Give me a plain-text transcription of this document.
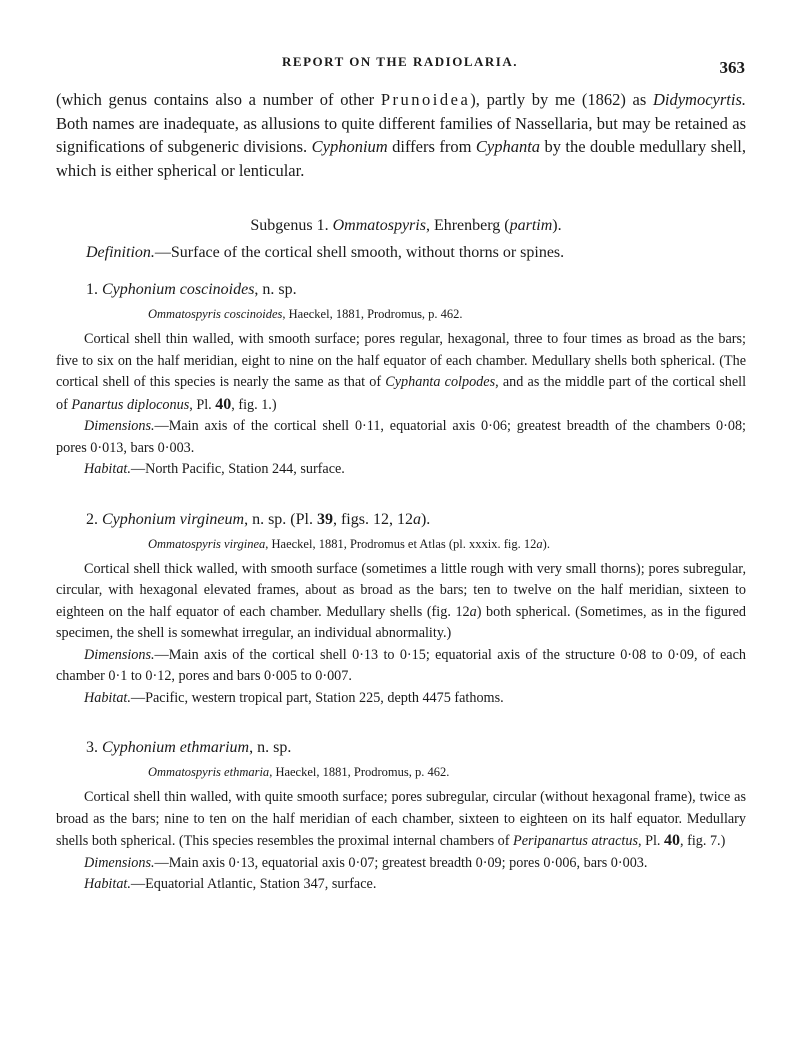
REPORT ON THE RADIOLARIA.	363

(which genus contains also a number of other Prunoidea), partly by me (1862) as Didymocyrtis. Both names are inadequate, as allusions to quite different families of Nassellaria, but may be retained as significations of subgeneric divisions. Cyphonium differs from Cyphanta by the double medullary shell, which is either spherical or lenticular.

Subgenus 1. Ommatospyris, Ehrenberg (partim).

Definition.—Surface of the cortical shell smooth, without thorns or spines.

1. Cyphonium coscinoides, n. sp.

Ommatospyris coscinoides, Haeckel, 1881, Prodromus, p. 462.

Cortical shell thin walled, with smooth surface; pores regular, hexagonal, three to four times as broad as the bars; five to six on the half meridian, eight to nine on the half equator of each chamber. Medullary shells both spherical. (The cortical shell of this species is nearly the same as that of Cyphanta colpodes, and as the middle part of the cortical shell of Panartus diploconus, Pl. 40, fig. 1.)

Dimensions.—Main axis of the cortical shell 0·11, equatorial axis 0·06; greatest breadth of the chambers 0·08; pores 0·013, bars 0·003.

Habitat.—North Pacific, Station 244, surface.

2. Cyphonium virgineum, n. sp. (Pl. 39, figs. 12, 12a).

Ommatospyris virginea, Haeckel, 1881, Prodromus et Atlas (pl. xxxix. fig. 12a).

Cortical shell thick walled, with smooth surface (sometimes a little rough with very small thorns); pores subregular, circular, with hexagonal elevated frames, about as broad as the bars; ten to twelve on the half meridian, sixteen to eighteen on the half equator of each chamber. Medullary shells (fig. 12a) both spherical. (Sometimes, as in the figured specimen, the shell is somewhat irregular, an individual abnormality.)

Dimensions.—Main axis of the cortical shell 0·13 to 0·15; equatorial axis of the structure 0·08 to 0·09, of each chamber 0·1 to 0·12, pores and bars 0·005 to 0·007.

Habitat.—Pacific, western tropical part, Station 225, depth 4475 fathoms.

3. Cyphonium ethmarium, n. sp.

Ommatospyris ethmaria, Haeckel, 1881, Prodromus, p. 462.

Cortical shell thin walled, with quite smooth surface; pores subregular, circular (without hexagonal frame), twice as broad as the bars; nine to ten on the half meridian of each chamber, sixteen to eighteen on its half equator. Medullary shells both spherical. (This species resembles the proximal internal chambers of Peripanartus atractus, Pl. 40, fig. 7.)

Dimensions.—Main axis 0·13, equatorial axis 0·07; greatest breadth 0·09; pores 0·006, bars 0·003.

Habitat.—Equatorial Atlantic, Station 347, surface.
